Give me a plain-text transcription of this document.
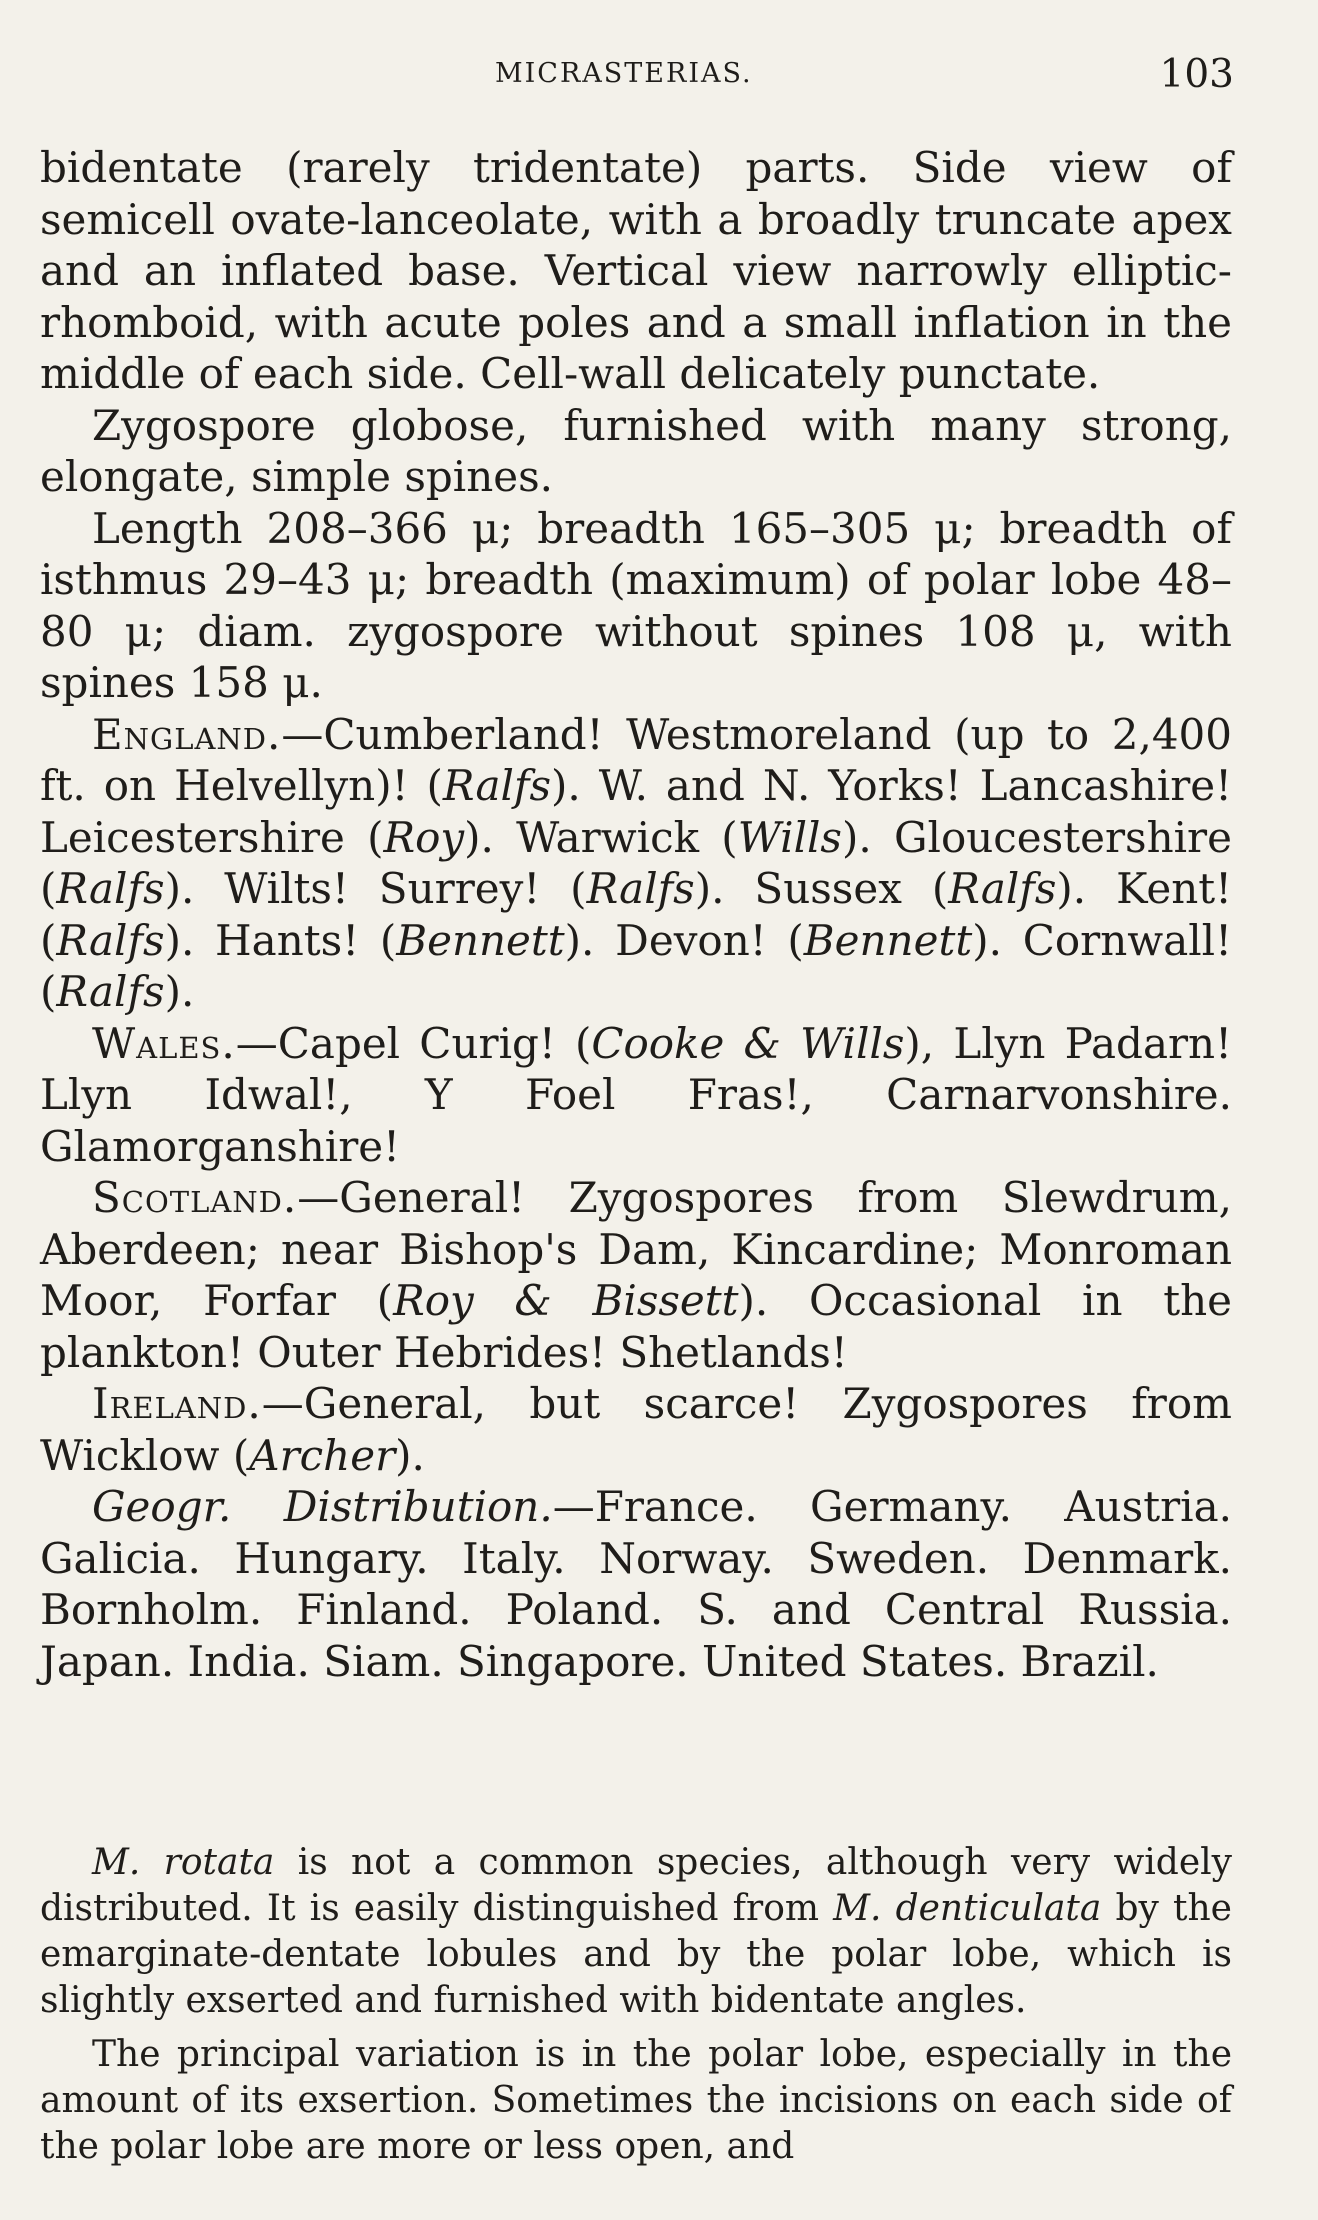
MICRASTERIAS.	103

bidentate (rarely tridentate) parts. Side view of semicell ovate-lanceolate, with a broadly truncate apex and an inflated base. Vertical view narrowly elliptic-rhomboid, with acute poles and a small inflation in the middle of each side. Cell-wall delicately punctate.

Zygospore globose, furnished with many strong, elongate, simple spines.

Length 208–366 μ; breadth 165–305 μ; breadth of isthmus 29–43 μ; breadth (maximum) of polar lobe 48–80 μ; diam. zygospore without spines 108 μ, with spines 158 μ.

England.—Cumberland! Westmoreland (up to 2,400 ft. on Helvellyn)! (Ralfs). W. and N. Yorks! Lancashire! Leicestershire (Roy). Warwick (Wills). Gloucestershire (Ralfs). Wilts! Surrey! (Ralfs). Sussex (Ralfs). Kent! (Ralfs). Hants! (Bennett). Devon! (Bennett). Cornwall! (Ralfs).

Wales.—Capel Curig! (Cooke & Wills), Llyn Padarn! Llyn Idwal!, Y Foel Fras!, Carnarvonshire. Glamorganshire!

Scotland.—General! Zygospores from Slewdrum, Aberdeen; near Bishop's Dam, Kincardine; Monroman Moor, Forfar (Roy & Bissett). Occasional in the plankton! Outer Hebrides! Shetlands!

Ireland.—General, but scarce! Zygospores from Wicklow (Archer).

Geogr. Distribution.—France. Germany. Austria. Galicia. Hungary. Italy. Norway. Sweden. Denmark. Bornholm. Finland. Poland. S. and Central Russia. Japan. India. Siam. Singapore. United States. Brazil.

M. rotata is not a common species, although very widely distributed. It is easily distinguished from M. denticulata by the emarginate-dentate lobules and by the polar lobe, which is slightly exserted and furnished with bidentate angles.

The principal variation is in the polar lobe, especially in the amount of its exsertion. Sometimes the incisions on each side of the polar lobe are more or less open, and
